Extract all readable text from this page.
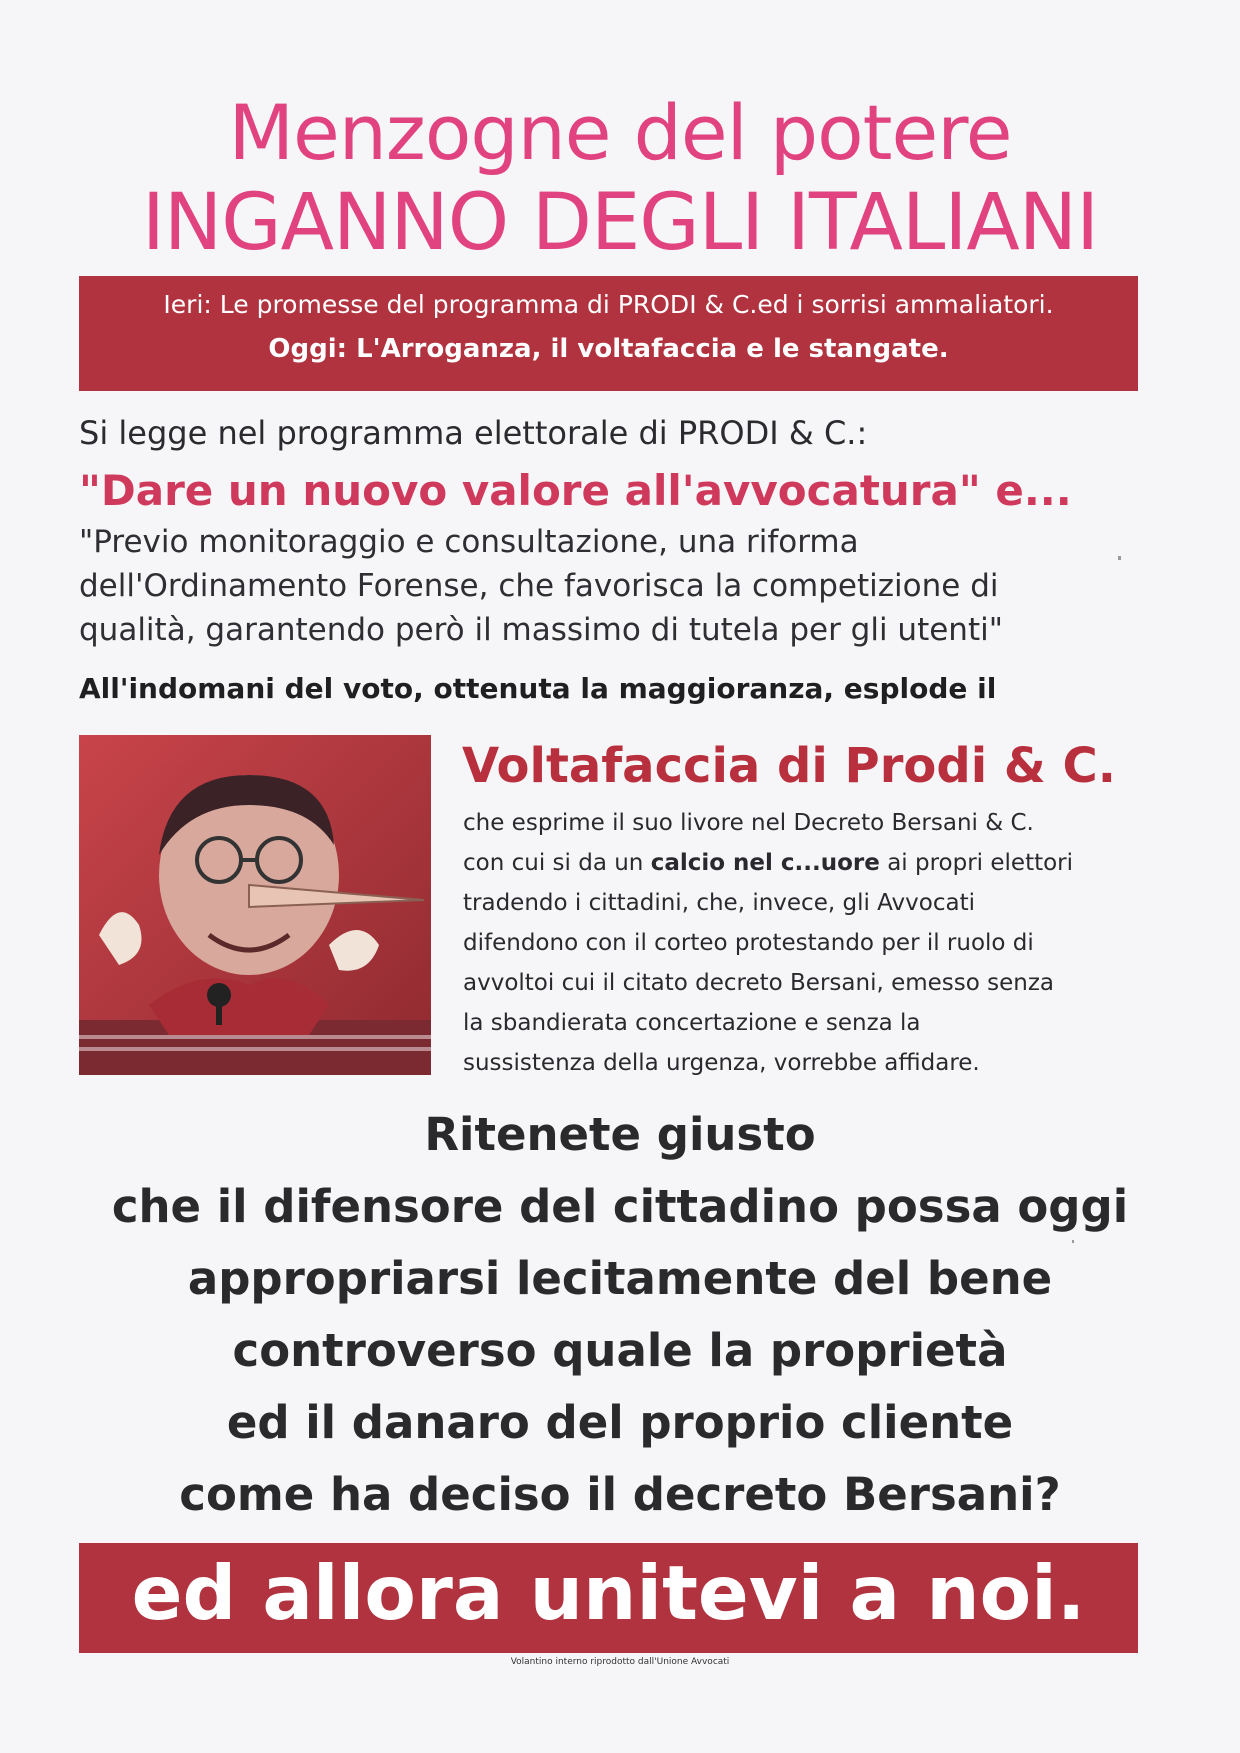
Menzogne del potere
INGANNO DEGLI ITALIANI
Ieri: Le promesse del programma di PRODI & C.ed i sorrisi ammaliatori.
Oggi: L'Arroganza, il voltafaccia e le stangate.
Si legge nel programma elettorale di PRODI & C.:
"Dare un nuovo valore all'avvocatura" e...
"Previo monitoraggio e consultazione, una riforma
dell'Ordinamento Forense, che favorisca la competizione di
qualità, garantendo però il massimo di tutela per gli utenti"
All'indomani del voto, ottenuta la maggioranza, esplode il
Voltafaccia di Prodi & C.
che esprime il suo livore nel Decreto Bersani & C.
con cui si da un calcio nel c...uore ai propri elettori
tradendo i cittadini, che, invece, gli Avvocati
difendono con il corteo protestando per il ruolo di
avvoltoi cui il citato decreto Bersani, emesso senza
la sbandierata concertazione e senza la
sussistenza della urgenza, vorrebbe affidare.
Ritenete giusto
che il difensore del cittadino possa oggi
appropriarsi lecitamente del bene
controverso quale la proprietà
ed il danaro del proprio cliente
come ha deciso il decreto Bersani?
ed allora unitevi a noi.
Volantino interno riprodotto dall'Unione Avvocati
